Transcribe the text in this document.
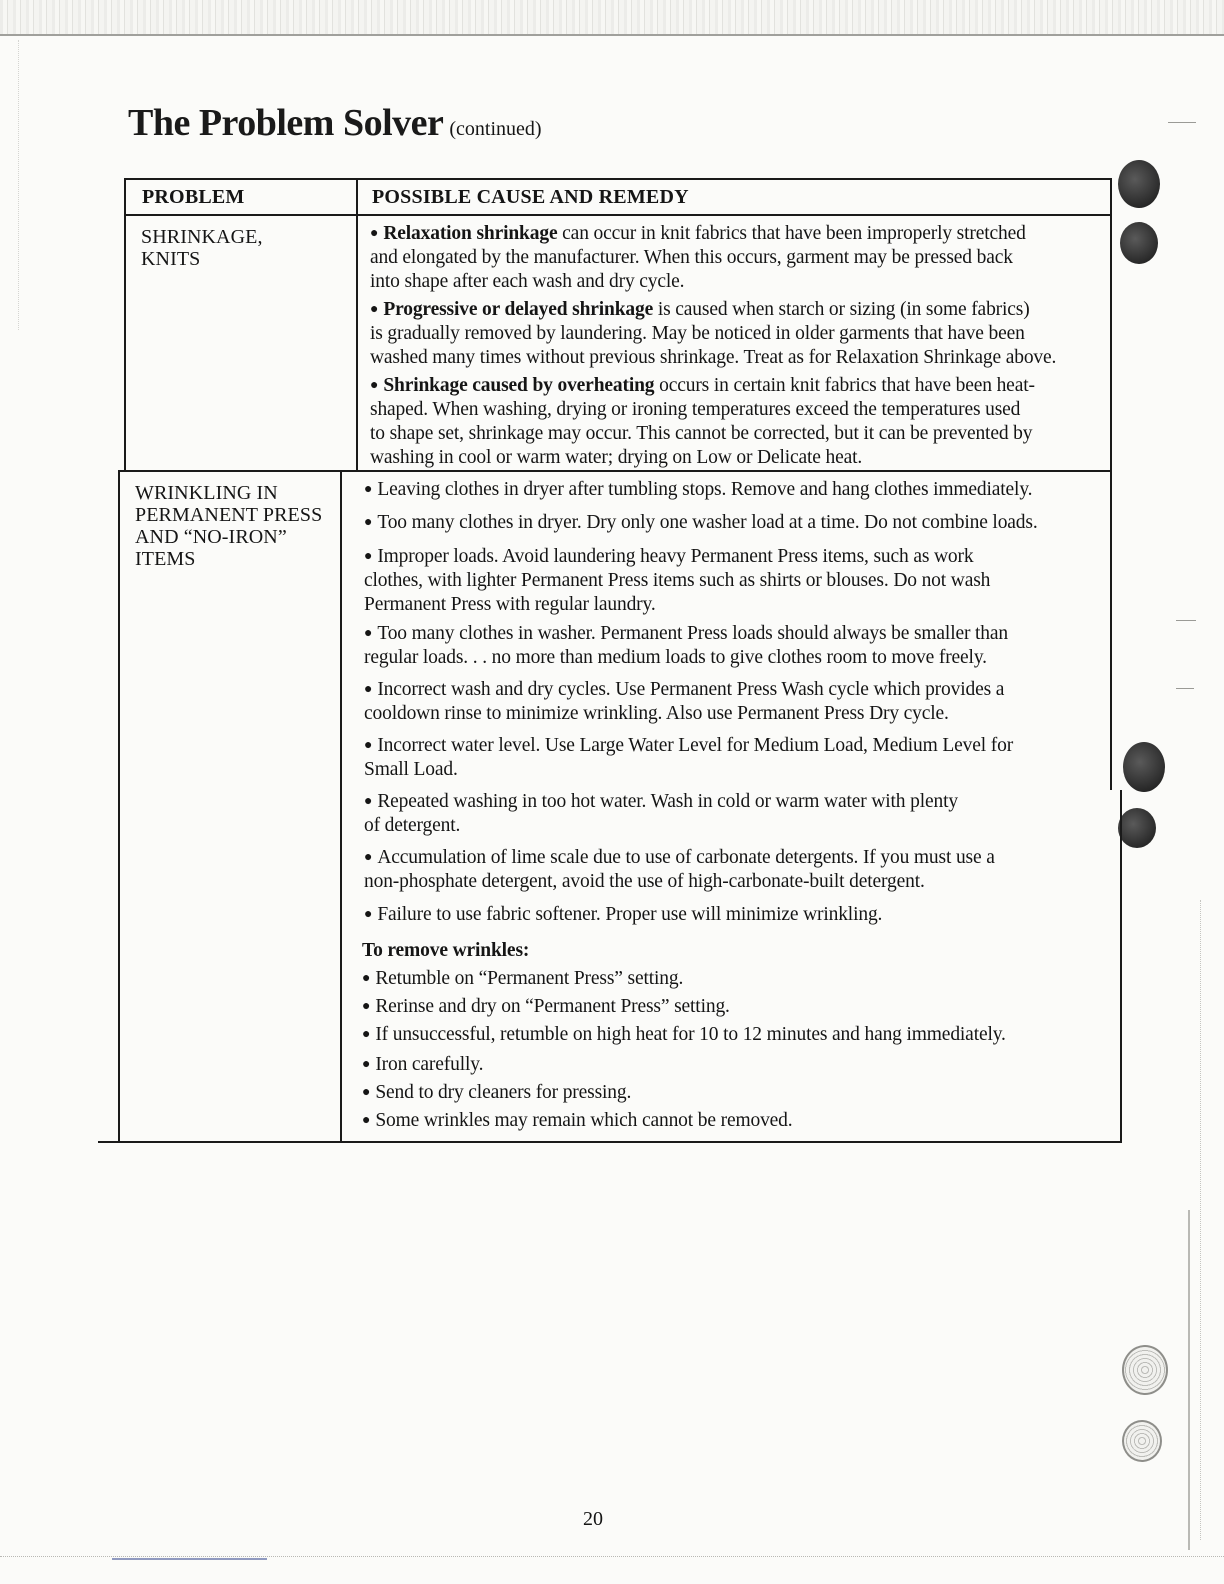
The Problem Solver (continued)
PROBLEM	POSSIBLE CAUSE AND REMEDY
SHRINKAGE,
KNITS
● Relaxation shrinkage can occur in knit fabrics that have been improperly stretched
and elongated by the manufacturer. When this occurs, garment may be pressed back
into shape after each wash and dry cycle.
● Progressive or delayed shrinkage is caused when starch or sizing (in some fabrics)
is gradually removed by laundering. May be noticed in older garments that have been
washed many times without previous shrinkage. Treat as for Relaxation Shrinkage above.
● Shrinkage caused by overheating occurs in certain knit fabrics that have been heat-
shaped. When washing, drying or ironing temperatures exceed the temperatures used
to shape set, shrinkage may occur. This cannot be corrected, but it can be prevented by
washing in cool or warm water; drying on Low or Delicate heat.
WRINKLING IN
PERMANENT PRESS
AND “NO-IRON”
ITEMS
● Leaving clothes in dryer after tumbling stops. Remove and hang clothes immediately.
● Too many clothes in dryer. Dry only one washer load at a time. Do not combine loads.
● Improper loads. Avoid laundering heavy Permanent Press items, such as work
clothes, with lighter Permanent Press items such as shirts or blouses. Do not wash
Permanent Press with regular laundry.
● Too many clothes in washer. Permanent Press loads should always be smaller than
regular loads. . . no more than medium loads to give clothes room to move freely.
● Incorrect wash and dry cycles. Use Permanent Press Wash cycle which provides a
cooldown rinse to minimize wrinkling. Also use Permanent Press Dry cycle.
● Incorrect water level. Use Large Water Level for Medium Load, Medium Level for
Small Load.
● Repeated washing in too hot water. Wash in cold or warm water with plenty
of detergent.
● Accumulation of lime scale due to use of carbonate detergents. If you must use a
non-phosphate detergent, avoid the use of high-carbonate-built detergent.
● Failure to use fabric softener. Proper use will minimize wrinkling.
To remove wrinkles:
● Retumble on “Permanent Press” setting.
● Rerinse and dry on “Permanent Press” setting.
● If unsuccessful, retumble on high heat for 10 to 12 minutes and hang immediately.
● Iron carefully.
● Send to dry cleaners for pressing.
● Some wrinkles may remain which cannot be removed.
20
